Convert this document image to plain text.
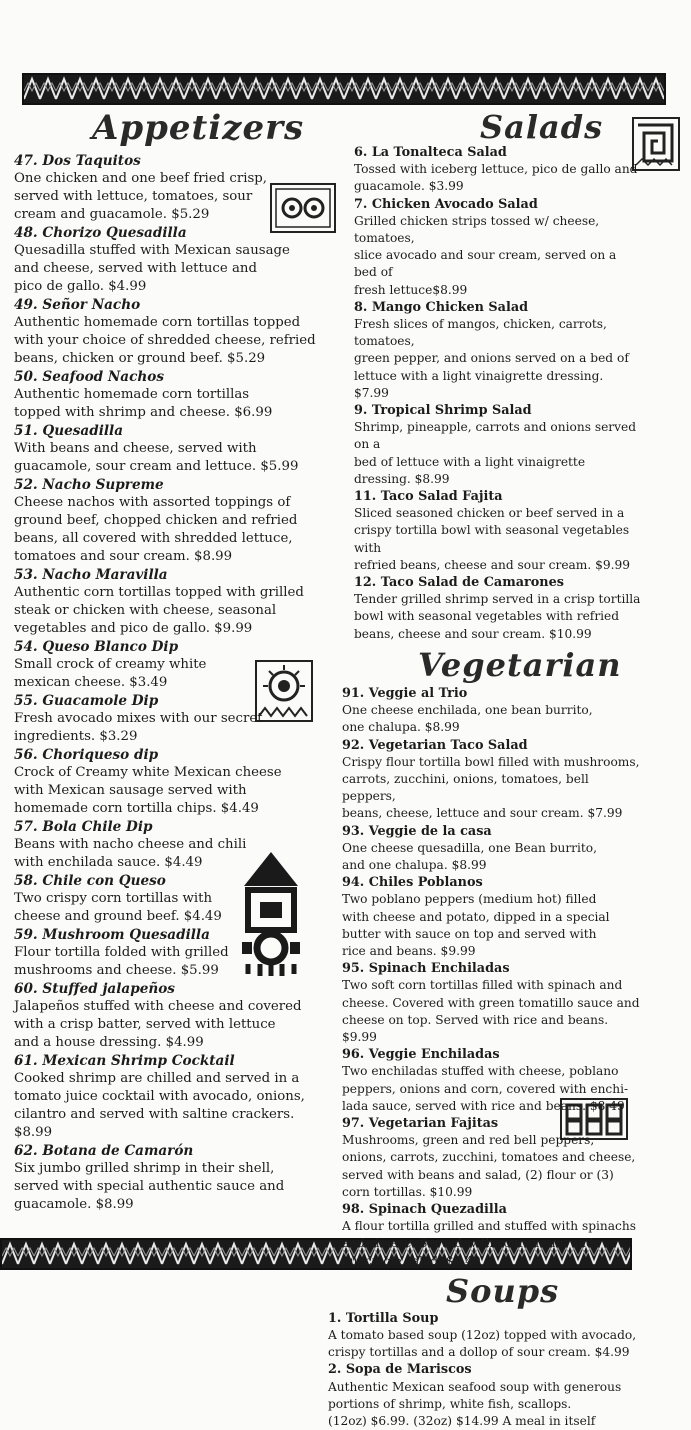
Appetizers
47. Dos Taquitos
One chicken and one beef fried crisp,
served with lettuce, tomatoes, sour
cream and guacamole. $5.29
48. Chorizo Quesadilla
Quesadilla stuffed with Mexican sausage
and cheese, served with lettuce and
pico de gallo. $4.99
49. Señor Nacho
Authentic homemade corn tortillas topped
with your choice of shredded cheese, refried
beans, chicken or ground beef. $5.29
50. Seafood Nachos
Authentic homemade corn tortillas
topped with shrimp and cheese. $6.99
51. Quesadilla
With beans and cheese, served with
guacamole, sour cream and lettuce. $5.99
52. Nacho Supreme
Cheese nachos with assorted toppings of
ground beef, chopped chicken and refried
beans, all covered with shredded lettuce,
tomatoes and sour cream. $8.99
53. Nacho Maravilla
Authentic corn tortillas topped with grilled
steak or chicken with cheese, seasonal
vegetables and pico de gallo. $9.99
54. Queso Blanco Dip
Small crock of creamy white
mexican cheese. $3.49
55. Guacamole Dip
Fresh avocado mixes with our secret
ingredients. $3.29
56. Choriqueso dip
Crock of Creamy white Mexican cheese
with Mexican sausage served with
homemade corn tortilla chips. $4.49
57. Bola Chile Dip
Beans with nacho cheese and chili
with enchilada sauce. $4.49
58. Chile con Queso
Two crispy corn tortillas with
cheese and ground beef. $4.49
59. Mushroom Quesadilla
Flour tortilla folded with grilled
mushrooms and cheese. $5.99
60. Stuffed jalapeños
Jalapeños stuffed with cheese and covered
with a crisp batter, served with lettuce
and a house dressing. $4.99
61. Mexican Shrimp Cocktail
Cooked shrimp are chilled and served in a
tomato juice cocktail with avocado, onions,
cilantro and served with saltine crackers. $8.99
62. Botana de Camarón
Six jumbo grilled shrimp in their shell,
served with special authentic sauce and
guacamole. $8.99
Salads
6. La Tonalteca Salad
Tossed with iceberg lettuce, pico de gallo and
guacamole. $3.99
7. Chicken Avocado Salad
Grilled chicken strips tossed w/ cheese, tomatoes,
slice avocado and sour cream, served on a bed of
fresh lettuce$8.99
8. Mango Chicken Salad
Fresh slices of mangos, chicken, carrots, tomatoes,
green pepper, and onions served on a bed of
lettuce with a light vinaigrette dressing. $7.99
9. Tropical Shrimp Salad
Shrimp, pineapple, carrots and onions served on a
bed of lettuce with a light vinaigrette dressing. $8.99
11. Taco Salad Fajita
Sliced seasoned chicken or beef served in a
crispy tortilla bowl with seasonal vegetables with
refried beans, cheese and sour cream. $9.99
12. Taco Salad de Camarones
Tender grilled shrimp served in a crisp tortilla
bowl with seasonal vegetables with refried
beans, cheese and sour cream. $10.99
Vegetarian
91. Veggie al Trio
One cheese enchilada, one bean burrito,
one chalupa. $8.99
92. Vegetarian Taco Salad
Crispy flour tortilla bowl filled with mushrooms,
carrots, zucchini, onions, tomatoes, bell peppers,
beans, cheese, lettuce and sour cream. $7.99
93. Veggie de la casa
One cheese quesadilla, one Bean burrito,
and one chalupa. $8.99
94. Chiles Poblanos
Two poblano peppers (medium hot) filled
with cheese and potato, dipped in a special
butter with sauce on top and served with
rice and beans. $9.99
95. Spinach Enchiladas
Two soft corn tortillas filled with spinach and
cheese. Covered with green tomatillo sauce and
cheese on top. Served with rice and beans. $9.99
96. Veggie Enchiladas
Two enchiladas stuffed with cheese, poblano
peppers, onions and corn, covered with enchi-
lada sauce, served with rice and beans. $8.49
97. Vegetarian Fajitas
Mushrooms, green and red bell peppers,
onions, carrots, zucchini, tomatoes and cheese,
served with beans and salad, (2) flour or (3)
corn tortillas. $10.99
98. Spinach Quezadilla
A flour tortilla grilled and stuffed with spinachs
and cheese. Served with sour cream and
guacmole salad. $9.49
Soups
1. Tortilla Soup
A tomato based soup (12oz) topped with avocado,
crispy tortillas and a dollop of sour cream. $4.99
2. Sopa de Mariscos
Authentic Mexican seafood soup with generous
portions of shrimp, white fish, scallops.
(12oz) $6.99. (32oz) $14.99 A meal in itself
